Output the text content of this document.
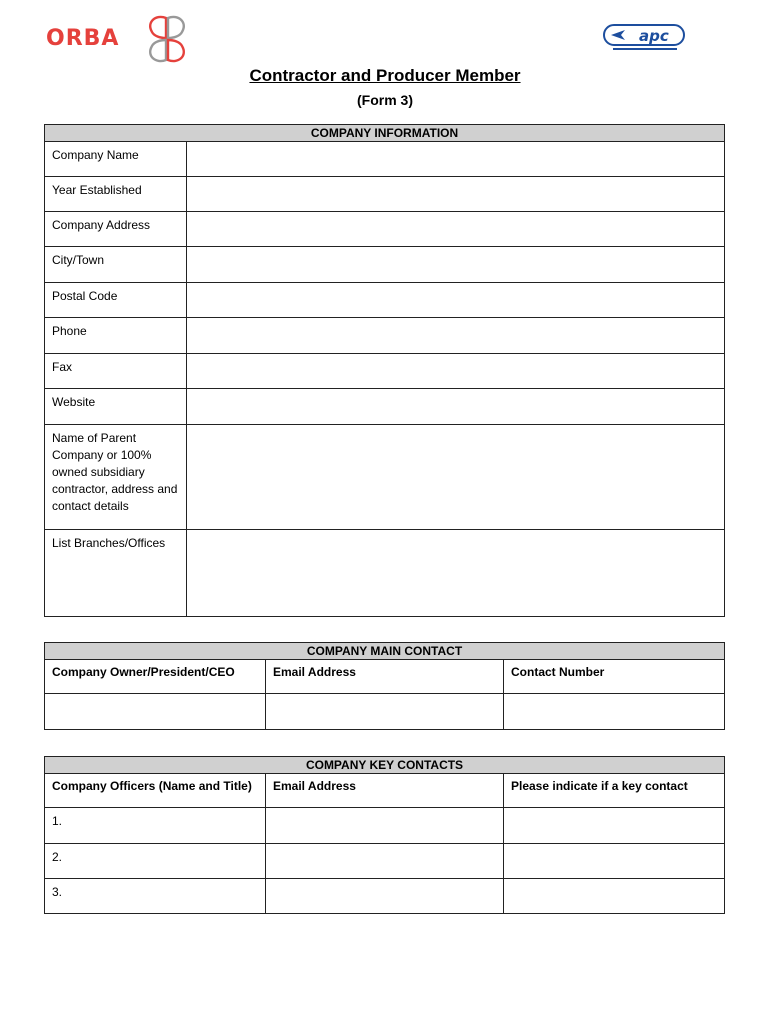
ORBA	apc
Contractor and Producer Member
(Form 3)
COMPANY INFORMATION	
Company Name	
Year Established	
Company Address	
City/Town	
Postal Code	
Phone	
Fax	
Website	
Name of Parent Company or 100% owned subsidiary contractor, address and contact details	
List Branches/Offices	
COMPANY MAIN CONTACT		
Company Owner/President/CEO	Email Address	Contact Number

COMPANY KEY CONTACTS		
Company Officers (Name and Title)	Email Address	Please indicate if a key contact
1.		
2.		
3.		
